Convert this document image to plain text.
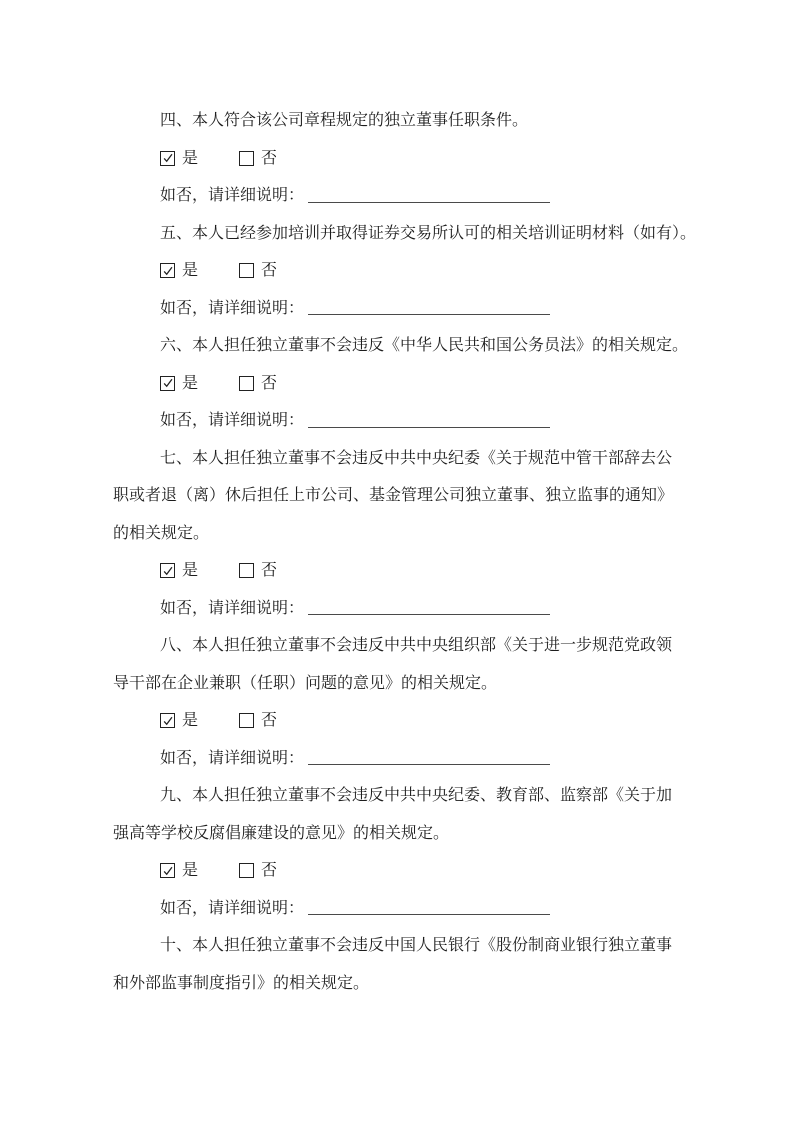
四、本人符合该公司章程规定的独立董事任职条件。
是	否
如否，请详细说明：
五、本人已经参加培训并取得证券交易所认可的相关培训证明材料（如有）。
是	否
如否，请详细说明：
六、本人担任独立董事不会违反《中华人民共和国公务员法》的相关规定。
是	否
如否，请详细说明：
七、本人担任独立董事不会违反中共中央纪委《关于规范中管干部辞去公
职或者退（离）休后担任上市公司、基金管理公司独立董事、独立监事的通知》
的相关规定。
是	否
如否，请详细说明：
八、本人担任独立董事不会违反中共中央组织部《关于进一步规范党政领
导干部在企业兼职（任职）问题的意见》的相关规定。
是	否
如否，请详细说明：
九、本人担任独立董事不会违反中共中央纪委、教育部、监察部《关于加
强高等学校反腐倡廉建设的意见》的相关规定。
是	否
如否，请详细说明：
十、本人担任独立董事不会违反中国人民银行《股份制商业银行独立董事
和外部监事制度指引》的相关规定。
